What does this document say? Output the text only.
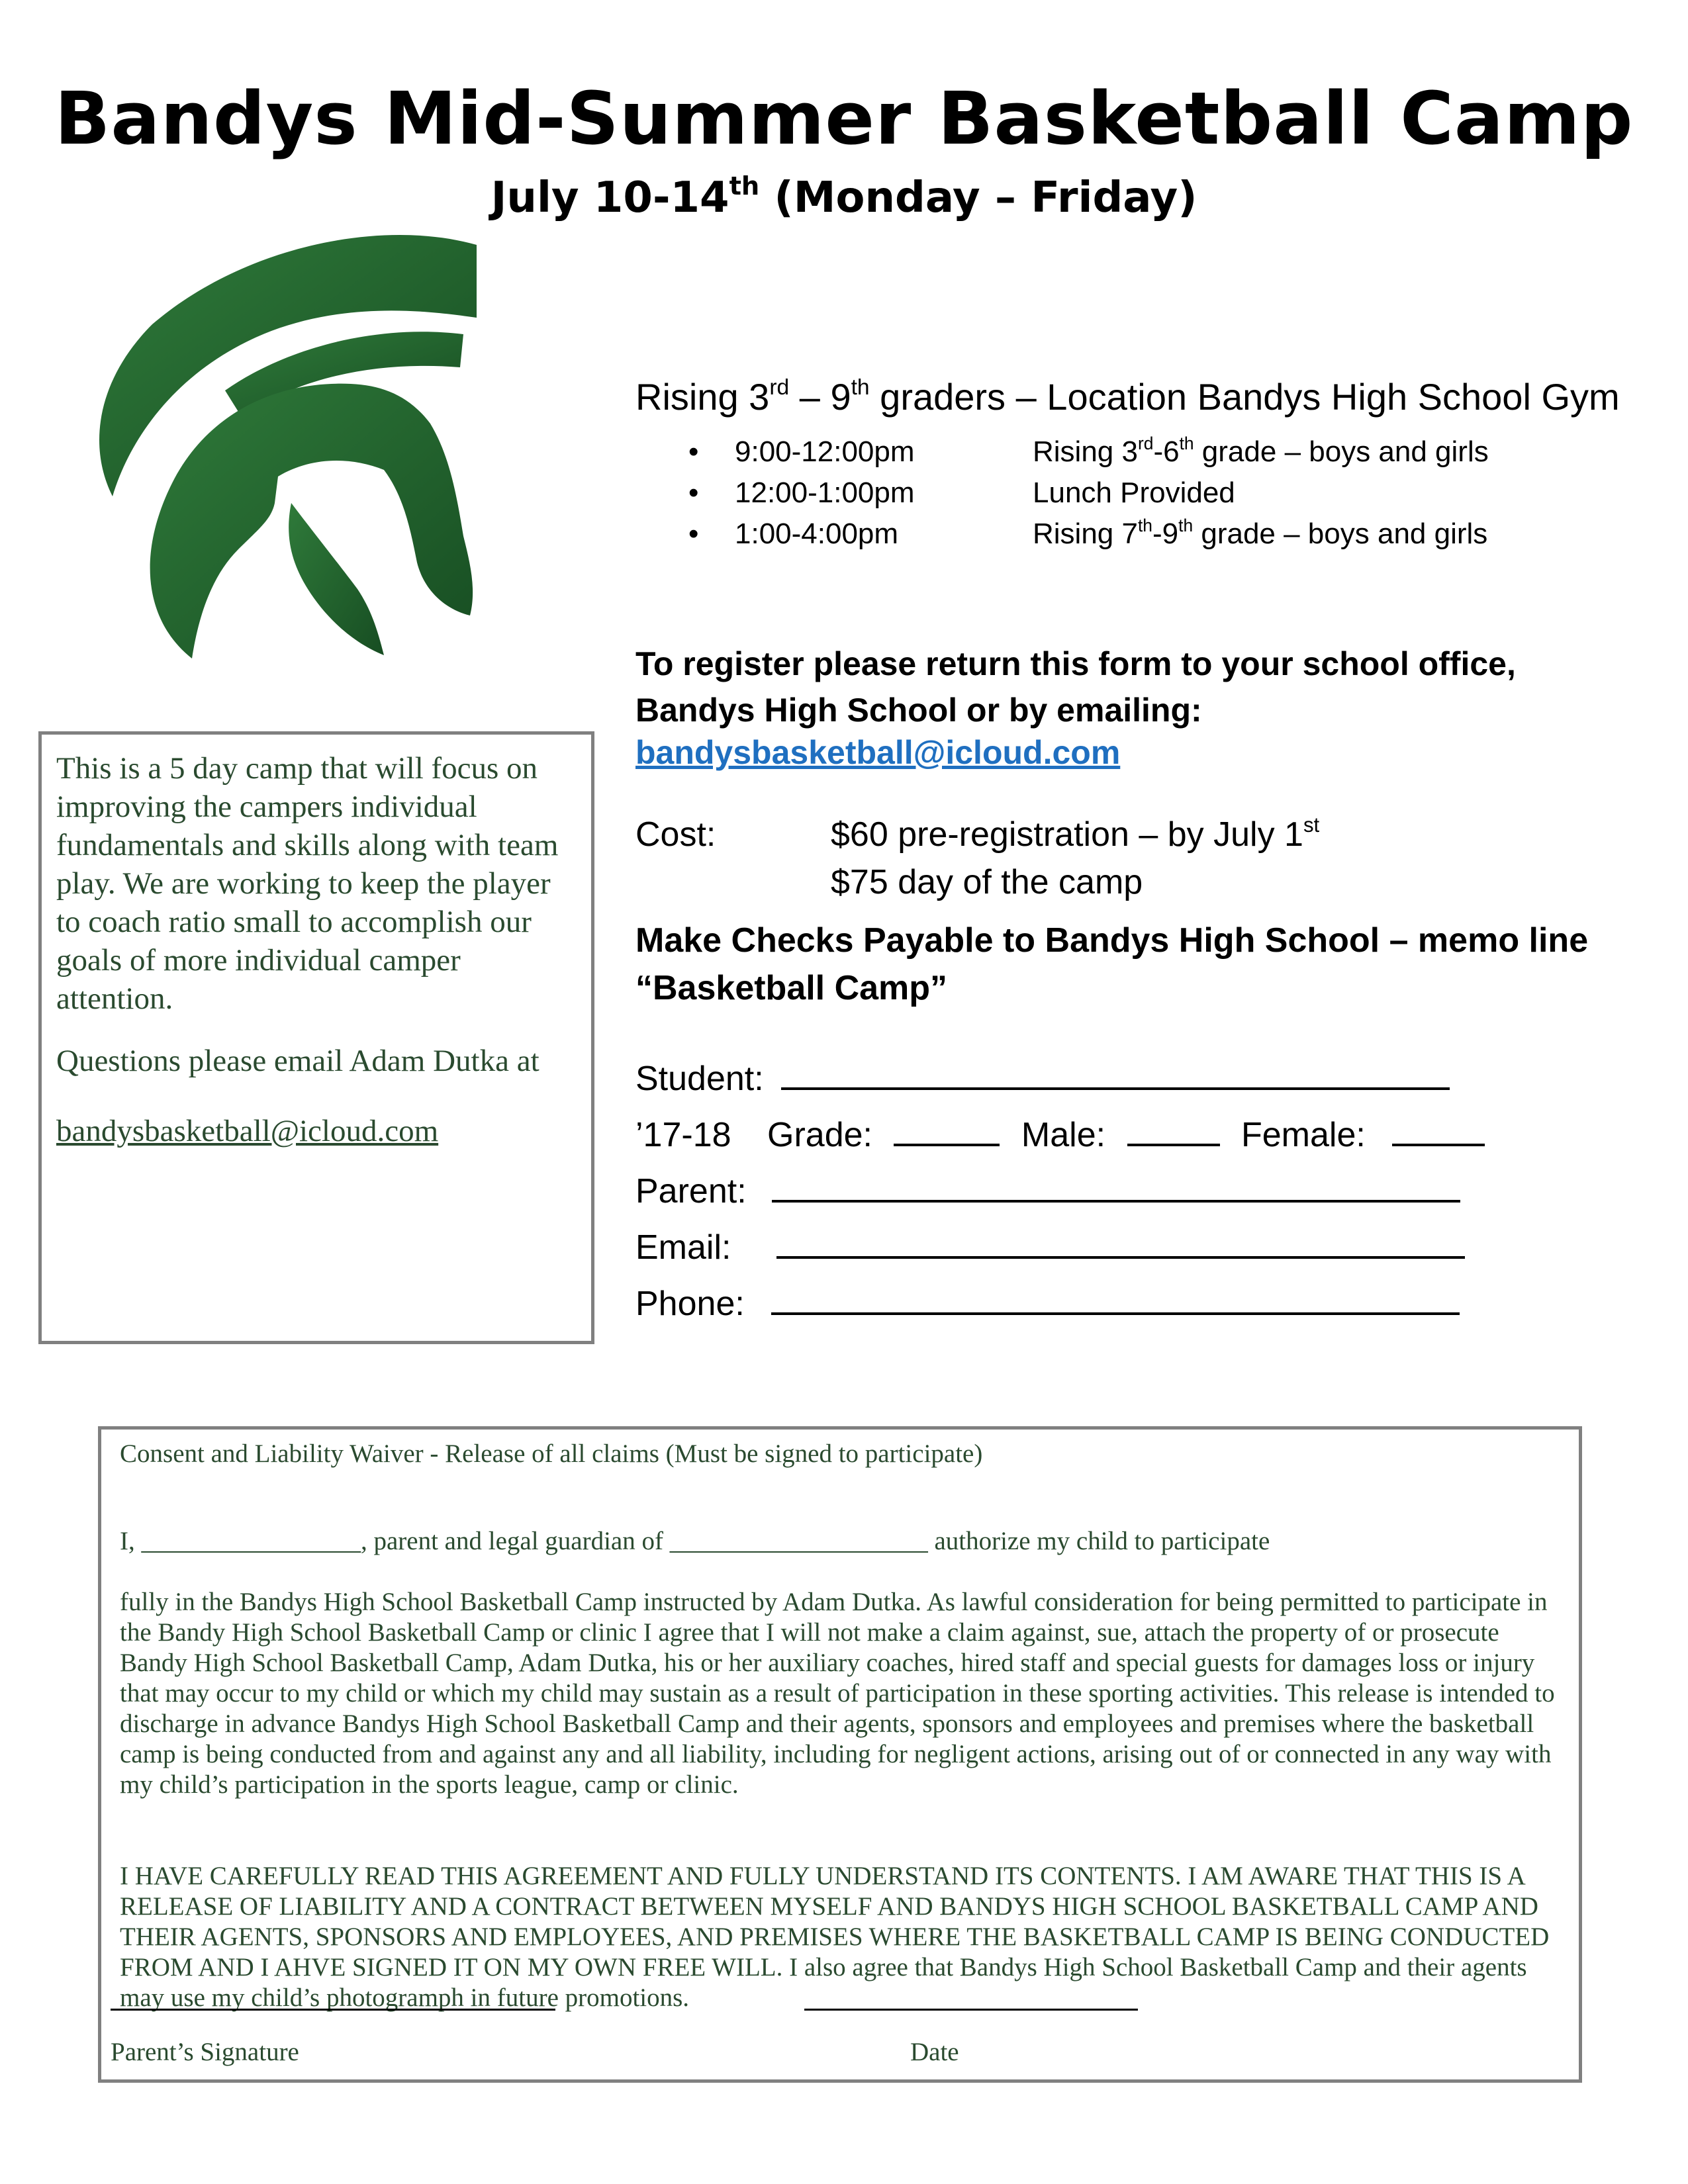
Bandys Mid-Summer Basketball Camp
July 10-14th (Monday – Friday)

Rising 3rd – 9th graders – Location Bandys High School Gym

• 9:00-12:00pm	Rising 3rd-6th grade – boys and girls
• 12:00-1:00pm	Lunch Provided
• 1:00-4:00pm	Rising 7th-9th grade – boys and girls
To register please return this form to your school office, Bandys High School or by emailing:
bandysbasketball@icloud.com
Cost:	$60 pre-registration – by July 1st
$75 day of the camp
Make Checks Payable to Bandys High School – memo line “Basketball Camp”
Student:
’17-18 Grade:	Male:	Female:
Parent:
Email:
Phone:

This is a 5 day camp that will focus on improving the campers individual fundamentals and skills along with team play. We are working to keep the player to coach ratio small to accomplish our goals of more individual camper attention.

Questions please email Adam Dutka at

bandysbasketball@icloud.com

Consent and Liability Waiver - Release of all claims (Must be signed to participate)

I, _________________, parent and legal guardian of ____________________ authorize my child to participate

fully in the Bandys High School Basketball Camp instructed by Adam Dutka. As lawful consideration for being permitted to participate in the Bandy High School Basketball Camp or clinic I agree that I will not make a claim against, sue, attach the property of or prosecute Bandy High School Basketball Camp, Adam Dutka, his or her auxiliary coaches, hired staff and special guests for damages loss or injury that may occur to my child or which my child may sustain as a result of participation in these sporting activities. This release is intended to discharge in advance Bandys High School Basketball Camp and their agents, sponsors and employees and premises where the basketball camp is being conducted from and against any and all liability, including for negligent actions, arising out of or connected in any way with my child’s participation in the sports league, camp or clinic.

I HAVE CAREFULLY READ THIS AGREEMENT AND FULLY UNDERSTAND ITS CONTENTS. I AM AWARE THAT THIS IS A RELEASE OF LIABILITY AND A CONTRACT BETWEEN MYSELF AND BANDYS HIGH SCHOOL BASKETBALL CAMP AND THEIR AGENTS, SPONSORS AND EMPLOYEES, AND PREMISES WHERE THE BASKETBALL CAMP IS BEING CONDUCTED FROM AND I AHVE SIGNED IT ON MY OWN FREE WILL. I also agree that Bandys High School Basketball Camp and their agents may use my child’s photogramph in future promotions.

Parent’s Signature	Date
